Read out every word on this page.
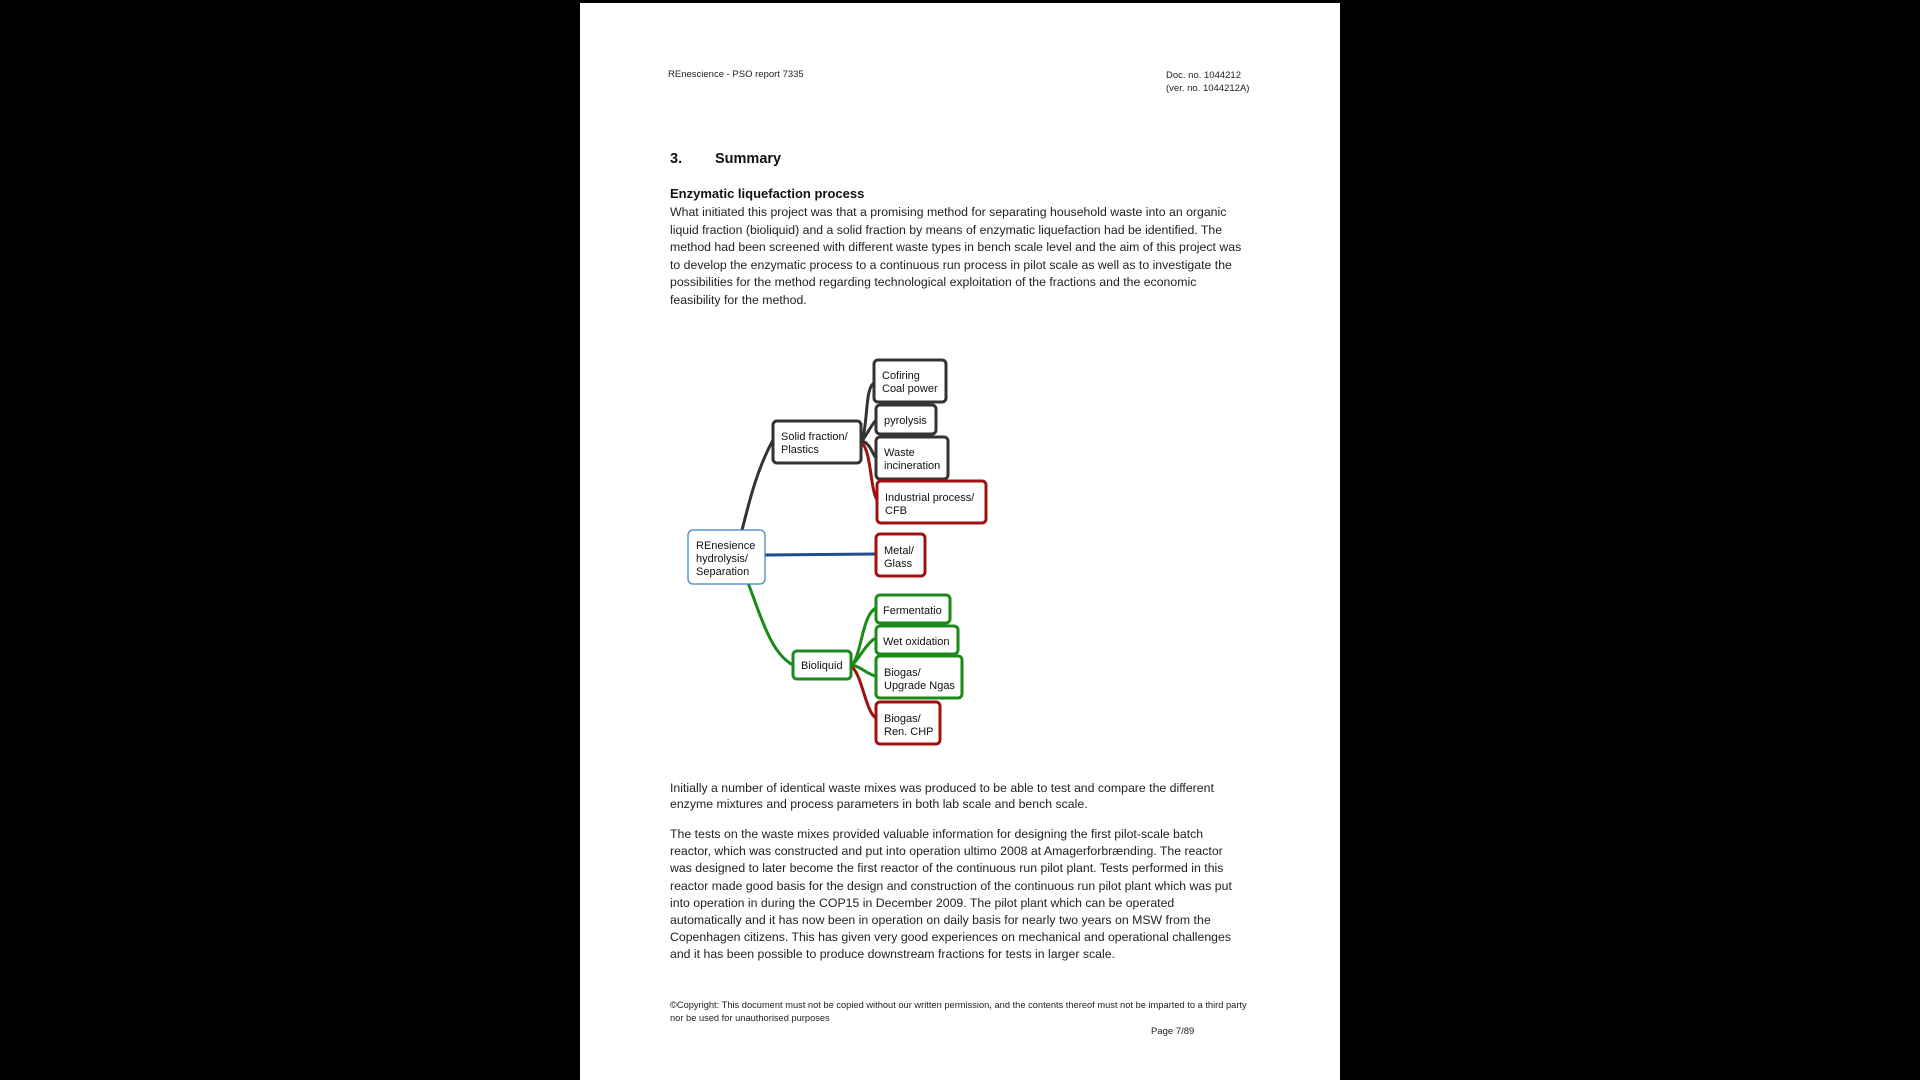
REnescience - PSO report 7335	Doc. no. 1044212
(ver. no. 1044212A)
3. Summary
Enzymatic liquefaction process

What initiated this project was that a promising method for separating household waste into an organic liquid fraction (bioliquid) and a solid fraction by means of enzymatic liquefaction had be identified. The method had been screened with different waste types in bench scale level and the aim of this project was to develop the enzymatic process to a continuous run process in pilot scale as well as to investigate the possibilities for the method regarding technological exploitation of the fractions and the economic feasibility for the method.

REnesience
hydrolysis/
Separation
Solid fraction/
Plastics
Cofiring
Coal power
pyrolysis
Waste
incineration
Industrial process/
CFB
Metal/
Glass
Bioliquid
Fermentatio
Wet oxidation
Biogas/
Upgrade Ngas
Biogas/
Ren. CHP

Initially a number of identical waste mixes was produced to be able to test and compare the different enzyme mixtures and process parameters in both lab scale and bench scale.

The tests on the waste mixes provided valuable information for designing the first pilot-scale batch reactor, which was constructed and put into operation ultimo 2008 at Amagerforbrænding. The reactor was designed to later become the first reactor of the continuous run pilot plant. Tests performed in this reactor made good basis for the design and construction of the continuous run pilot plant which was put into operation in during the COP15 in December 2009. The pilot plant which can be operated automatically and it has now been in operation on daily basis for nearly two years on MSW from the Copenhagen citizens. This has given very good experiences on mechanical and operational challenges and it has been possible to produce downstream fractions for tests in larger scale.

©Copyright: This document must not be copied without our written permission, and the contents thereof must not be imparted to a third party nor be used for unauthorised purposes
Page 7/89
